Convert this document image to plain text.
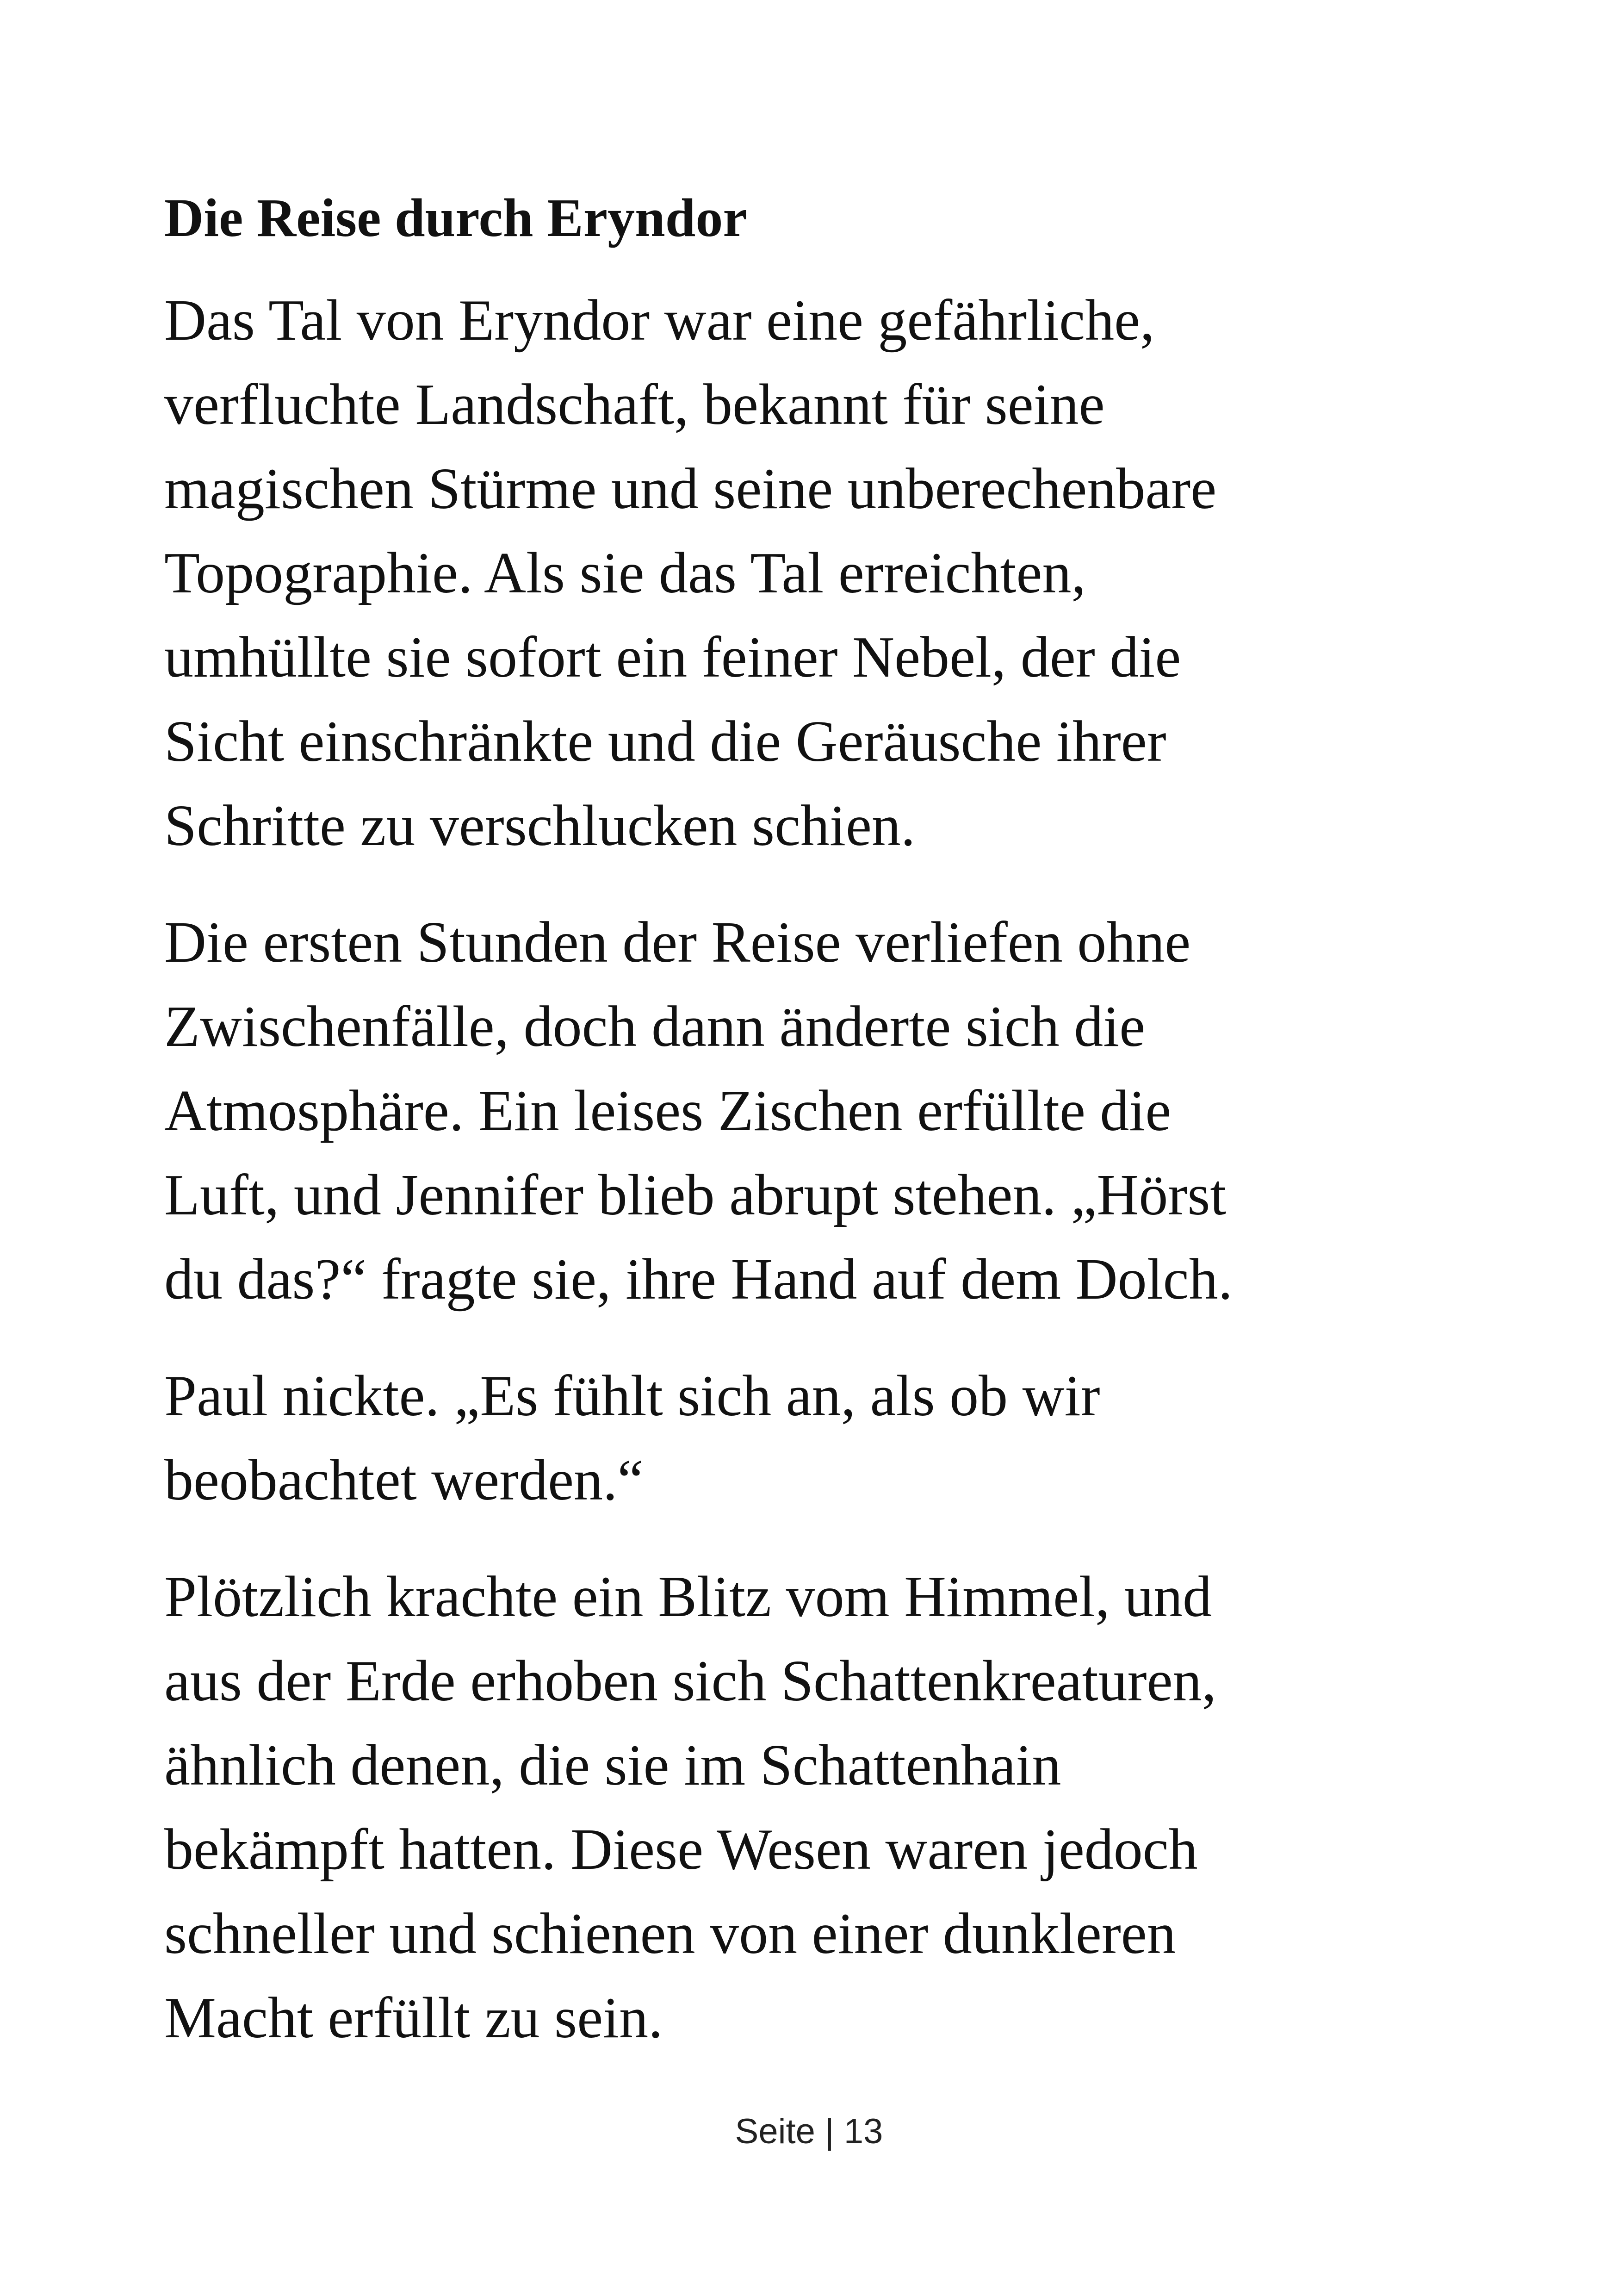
Die Reise durch Eryndor

Das Tal von Eryndor war eine gefährliche,
verfluchte Landschaft, bekannt für seine
magischen Stürme und seine unberechenbare
Topographie. Als sie das Tal erreichten,
umhüllte sie sofort ein feiner Nebel, der die
Sicht einschränkte und die Geräusche ihrer
Schritte zu verschlucken schien.

Die ersten Stunden der Reise verliefen ohne
Zwischenfälle, doch dann änderte sich die
Atmosphäre. Ein leises Zischen erfüllte die
Luft, und Jennifer blieb abrupt stehen. „Hörst
du das?“ fragte sie, ihre Hand auf dem Dolch.

Paul nickte. „Es fühlt sich an, als ob wir
beobachtet werden.“

Plötzlich krachte ein Blitz vom Himmel, und
aus der Erde erhoben sich Schattenkreaturen,
ähnlich denen, die sie im Schattenhain
bekämpft hatten. Diese Wesen waren jedoch
schneller und schienen von einer dunkleren
Macht erfüllt zu sein.

Seite | 13
